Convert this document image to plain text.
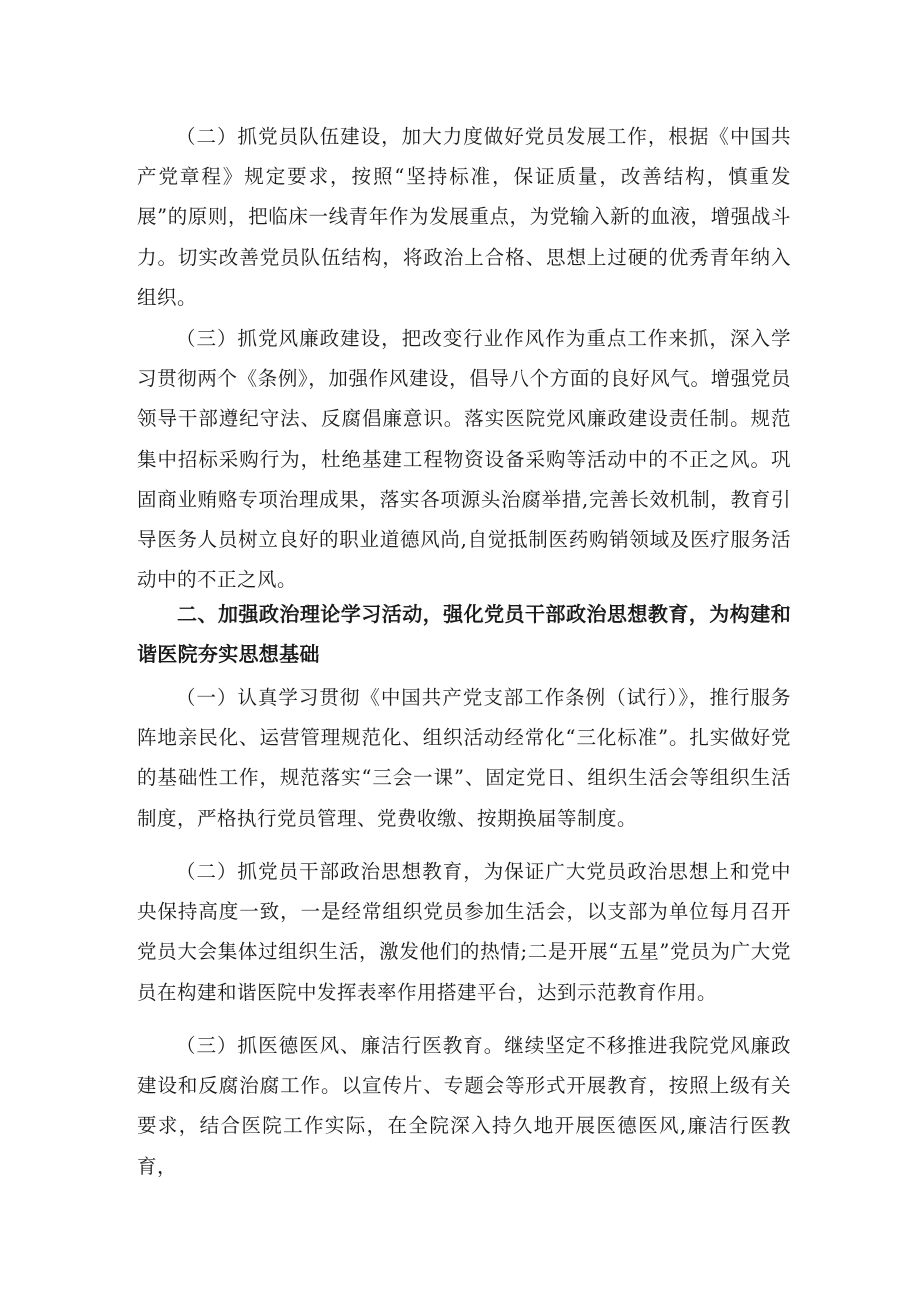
（二）抓党员队伍建设，加大力度做好党员发展工作，根据《中国共产党章程》规定要求，按照“坚持标准，保证质量，改善结构，慎重发展”的原则，把临床一线青年作为发展重点，为党输入新的血液，增强战斗力。切实改善党员队伍结构，将政治上合格、思想上过硬的优秀青年纳入组织。

（三）抓党风廉政建设，把改变行业作风作为重点工作来抓，深入学习贯彻两个《条例》，加强作风建设，倡导八个方面的良好风气。增强党员领导干部遵纪守法、反腐倡廉意识。落实医院党风廉政建设责任制。规范集中招标采购行为，杜绝基建工程物资设备采购等活动中的不正之风。巩固商业贿赂专项治理成果，落实各项源头治腐举措,完善长效机制，教育引导医务人员树立良好的职业道德风尚,自觉抵制医药购销领域及医疗服务活动中的不正之风。

二、加强政治理论学习活动，强化党员干部政治思想教育，为构建和谐医院夯实思想基础

（一）认真学习贯彻《中国共产党支部工作条例（试行）》，推行服务阵地亲民化、运营管理规范化、组织活动经常化“三化标准”。扎实做好党的基础性工作，规范落实“三会一课”、固定党日、组织生活会等组织生活制度，严格执行党员管理、党费收缴、按期换届等制度。

（二）抓党员干部政治思想教育，为保证广大党员政治思想上和党中央保持高度一致，一是经常组织党员参加生活会，以支部为单位每月召开党员大会集体过组织生活，激发他们的热情;二是开展“五星”党员为广大党员在构建和谐医院中发挥表率作用搭建平台，达到示范教育作用。

（三）抓医德医风、廉洁行医教育。继续坚定不移推进我院党风廉政建设和反腐治腐工作。以宣传片、专题会等形式开展教育，按照上级有关要求，结合医院工作实际，在全院深入持久地开展医德医风,廉洁行医教育，
